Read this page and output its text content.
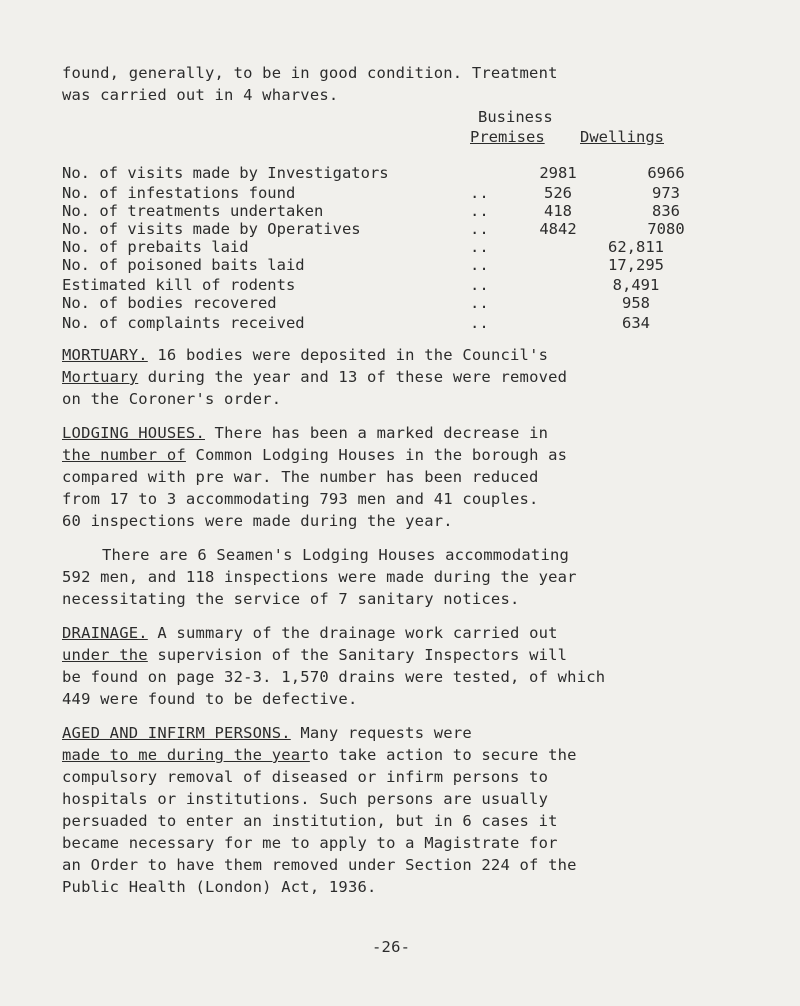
found, generally, to be in good condition. Treatment
was carried out in 4 wharves.
Business
Premises Dwellings
No. of visits made by Investigators	2981	6966
No. of infestations found	..	526	973
No. of treatments undertaken	..	418	836
No. of visits made by Operatives	..	4842	7080
No. of prebaits laid	..	62,811
No. of poisoned baits laid	..	17,295
Estimated kill of rodents	..	8,491
No. of bodies recovered	..	958
No. of complaints received	..	634
MORTUARY. 16 bodies were deposited in the Council's
Mortuary during the year and 13 of these were removed
on the Coroner's order.
LODGING HOUSES. There has been a marked decrease in
the number of Common Lodging Houses in the borough as
compared with pre war. The number has been reduced
from 17 to 3 accommodating 793 men and 41 couples.
60 inspections were made during the year.
There are 6 Seamen's Lodging Houses accommodating
592 men, and 118 inspections were made during the year
necessitating the service of 7 sanitary notices.
DRAINAGE. A summary of the drainage work carried out
under the supervision of the Sanitary Inspectors will
be found on page 32-3. 1,570 drains were tested, of which
449 were found to be defective.
AGED AND INFIRM PERSONS. Many requests were
made to me during the yearto take action to secure the
compulsory removal of diseased or infirm persons to
hospitals or institutions. Such persons are usually
persuaded to enter an institution, but in 6 cases it
became necessary for me to apply to a Magistrate for
an Order to have them removed under Section 224 of the
Public Health (London) Act, 1936.
-26-
